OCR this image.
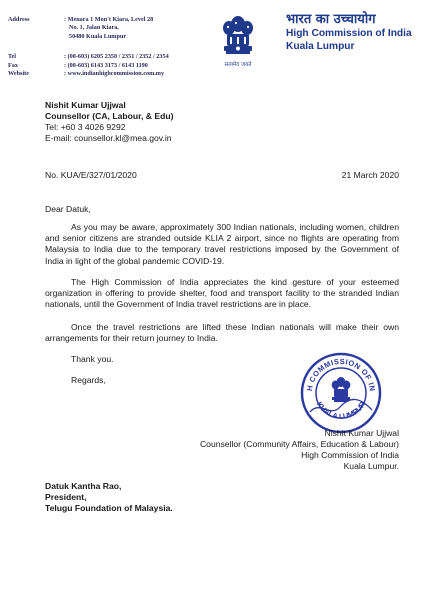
Address

Tel
Fax
Website
: Menara 1 Mon't Kiara, Level 28
No. 1, Jalan Kiara,
50480 Kuala Lumpur
: (00-603) 6205 2350 / 2351 / 2352 / 2354
: (00-603) 6143 3173 / 6143 1190
: www.indianhighcommission.com.my
सत्यमेव जयते
भारत का उच्चायोग
High Commission of India
Kuala Lumpur
Nishit Kumar Ujjwal
Counsellor (CA, Labour, & Edu)
Tel: +60 3 4026 9292
E-mail: counsellor.kl@mea.gov.in
No. KUA/E/327/01/2020	21 March 2020
Dear Datuk,

As you may be aware, approximately 300 Indian nationals, including women, children and senior citizens are stranded outside KLIA 2 airport, since no flights are operating from Malaysia to India due to the temporary travel restrictions imposed by the Government of India in light of the global pandemic COVID-19.

The High Commission of India appreciates the kind gesture of your esteemed organization in offering to provide shelter, food and transport facility to the stranded Indian nationals, until the Government of India travel restrictions are in place.

Once the travel restrictions are lifted these Indian nationals will make their own arrangements for their return journey to India.

Thank you.
Regards,
H COMMISSION OF IN
KUALA LUMPUR
Nishit Kumar Ujjwal
Counsellor (Community Affairs, Education & Labour)
High Commission of India
Kuala Lumpur.
Datuk Kantha Rao,
President,
Telugu Foundation of Malaysia.
